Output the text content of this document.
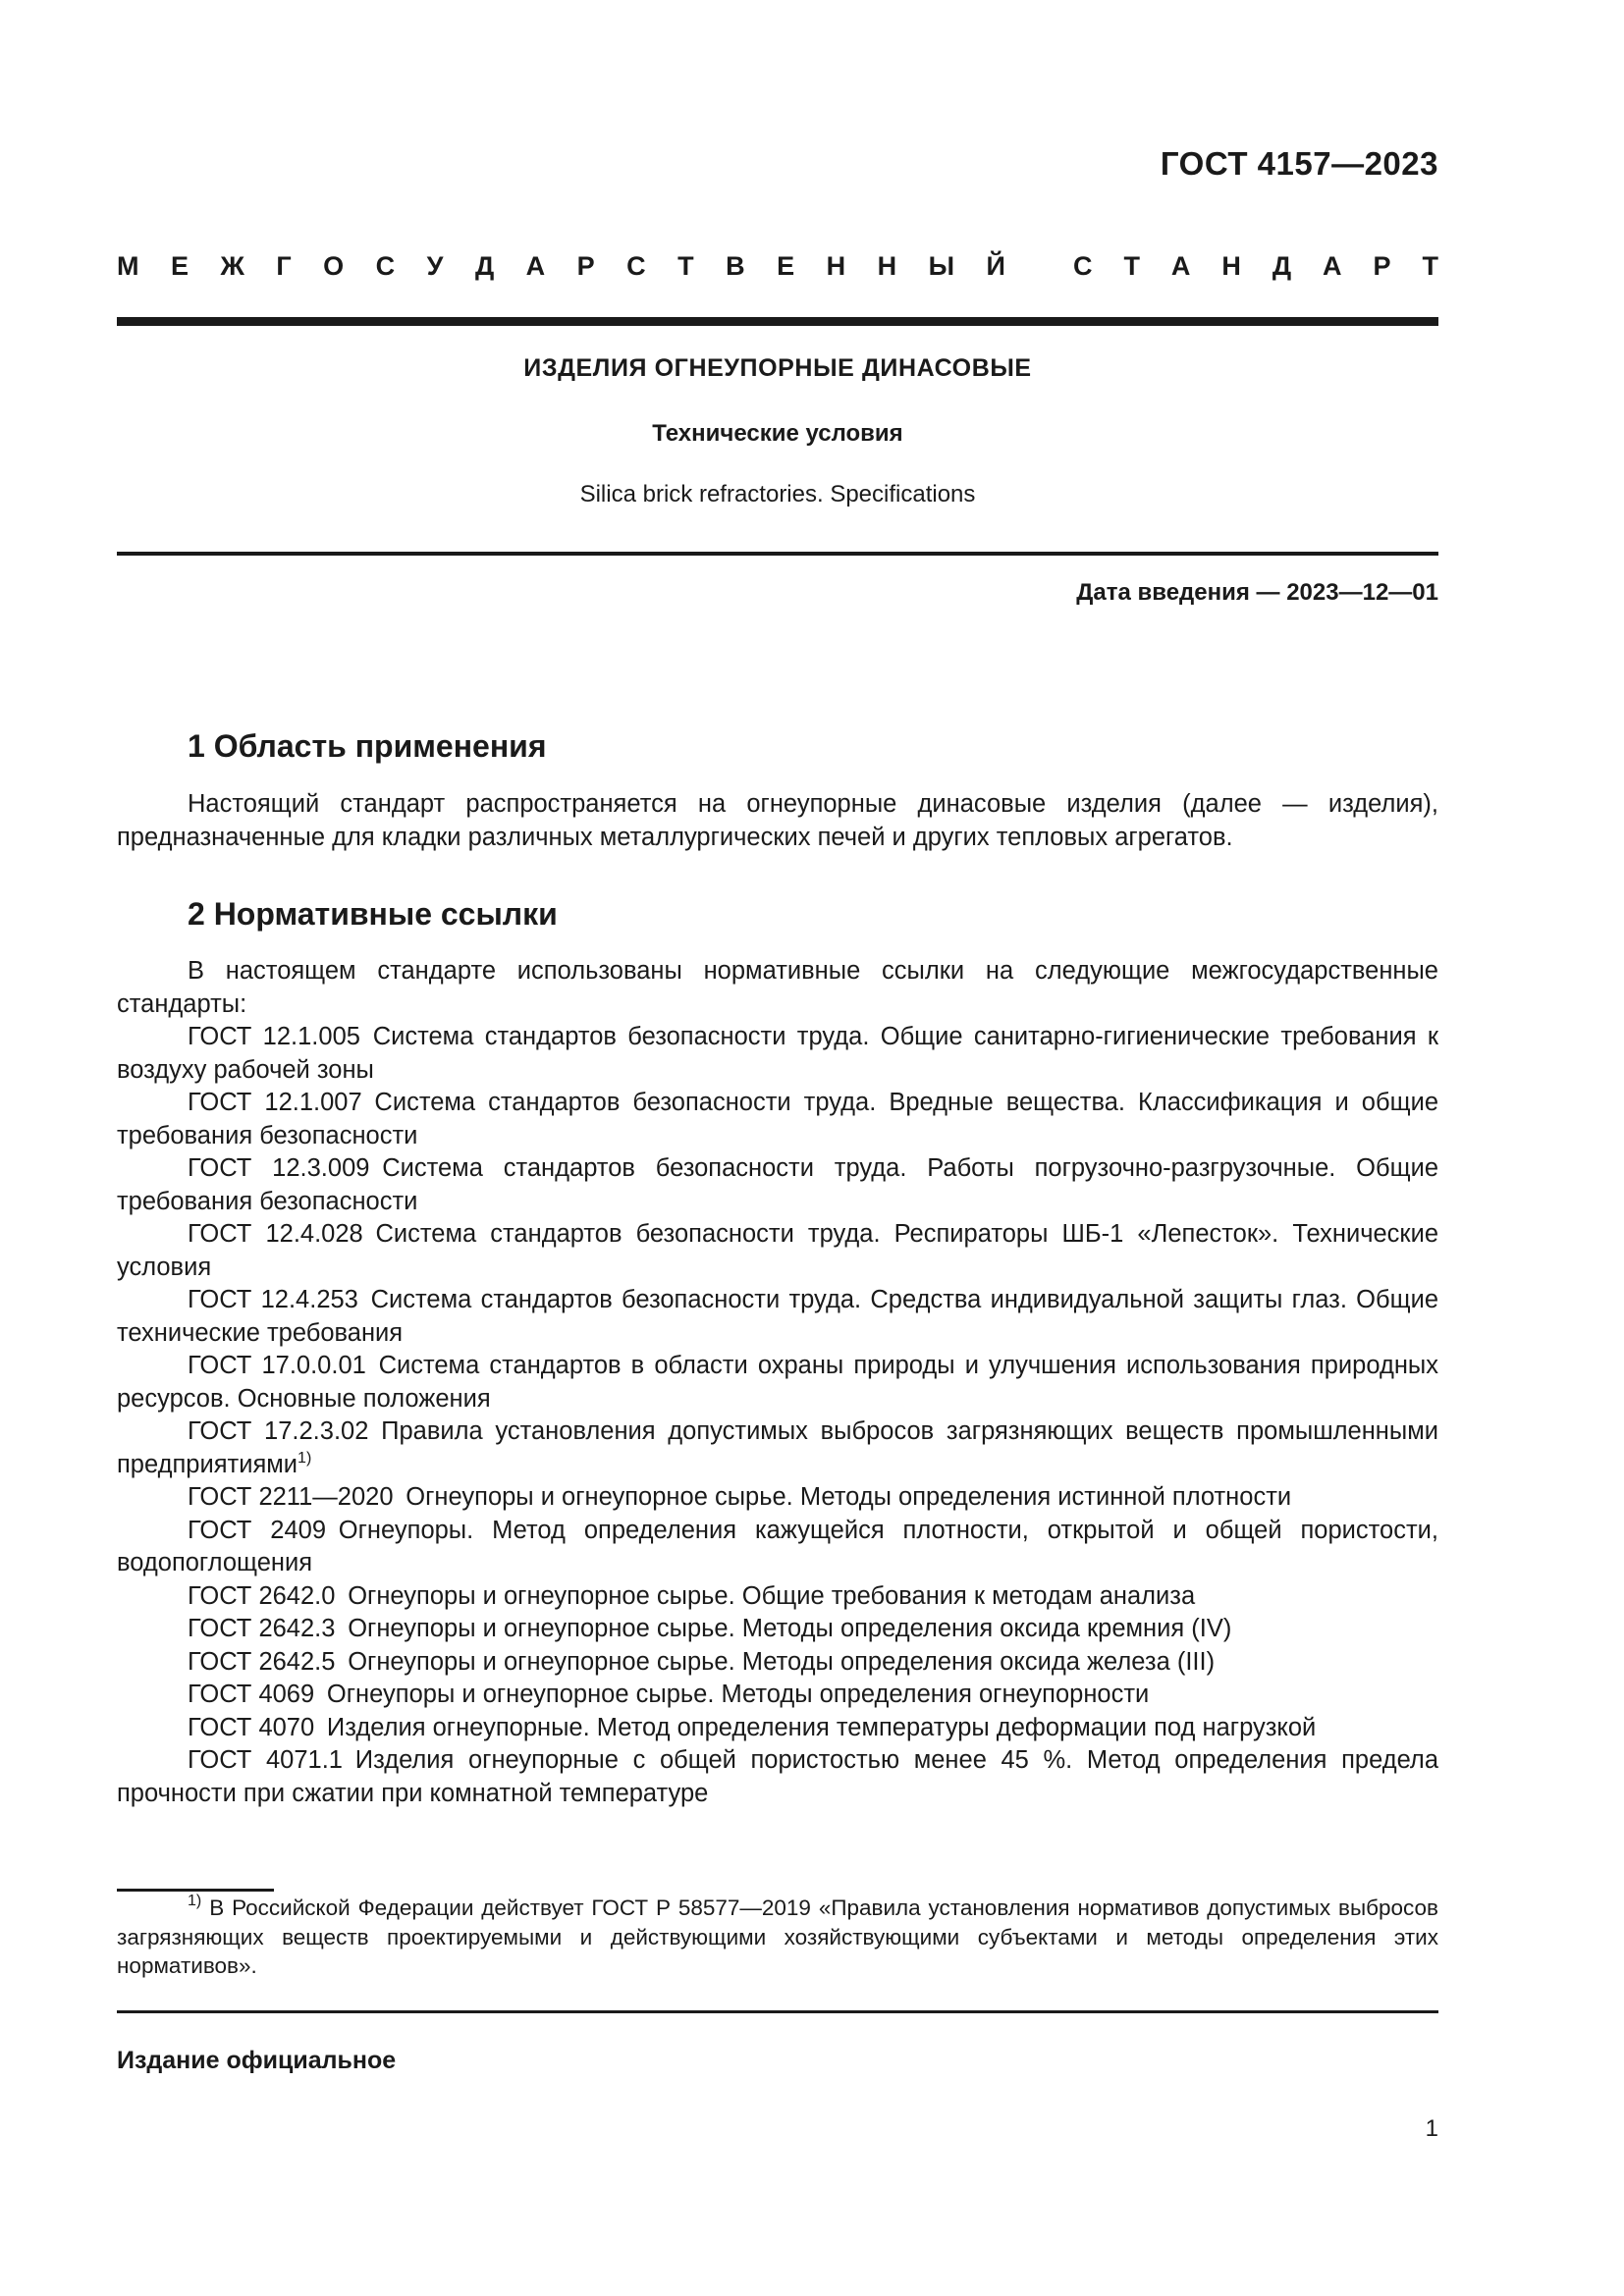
ГОСТ 4157—2023
М Е Ж Г О С У Д А Р С Т В Е Н Н Ы Й	С Т А Н Д А Р Т
ИЗДЕЛИЯ ОГНЕУПОРНЫЕ ДИНАСОВЫЕ
Технические условия
Silica brick refractories. Specifications
Дата введения — 2023—12—01
1 Область применения

Настоящий стандарт распространяется на огнеупорные динасовые изделия (далее — изделия), предназначенные для кладки различных металлургических печей и других тепловых агрегатов.

2 Нормативные ссылки
В настоящем стандарте использованы нормативные ссылки на следующие межгосударственные стандарты:
ГОСТ 12.1.005  Система стандартов безопасности труда. Общие санитарно-гигиенические требования к воздуху рабочей зоны
ГОСТ 12.1.007  Система стандартов безопасности труда. Вредные вещества. Классификация и общие требования безопасности
ГОСТ 12.3.009  Система стандартов безопасности труда. Работы погрузочно-разгрузочные. Общие требования безопасности
ГОСТ 12.4.028  Система стандартов безопасности труда. Респираторы ШБ-1 «Лепесток». Технические условия
ГОСТ 12.4.253  Система стандартов безопасности труда. Средства индивидуальной защиты глаз. Общие технические требования
ГОСТ 17.0.0.01  Система стандартов в области охраны природы и улучшения использования природных ресурсов. Основные положения
ГОСТ 17.2.3.02  Правила установления допустимых выбросов загрязняющих веществ промышленными предприятиями$^{1)}$
ГОСТ 2211—2020  Огнеупоры и огнеупорное сырье. Методы определения истинной плотности
ГОСТ 2409  Огнеупоры. Метод определения кажущейся плотности, открытой и общей пористости, водопоглощения
ГОСТ 2642.0  Огнеупоры и огнеупорное сырье. Общие требования к методам анализа
ГОСТ 2642.3  Огнеупоры и огнеупорное сырье. Методы определения оксида кремния (IV)
ГОСТ 2642.5  Огнеупоры и огнеупорное сырье. Методы определения оксида железа (III)
ГОСТ 4069  Огнеупоры и огнеупорное сырье. Методы определения огнеупорности
ГОСТ 4070  Изделия огнеупорные. Метод определения температуры деформации под нагрузкой
ГОСТ 4071.1  Изделия огнеупорные с общей пористостью менее 45 %. Метод определения предела прочности при сжатии при комнатной температуре

$^{1)}$ В Российской Федерации действует ГОСТ Р 58577—2019 «Правила установления нормативов допустимых выбросов загрязняющих веществ проектируемыми и действующими хозяйствующими субъектами и методы определения этих нормативов».

Издание официальное
1
